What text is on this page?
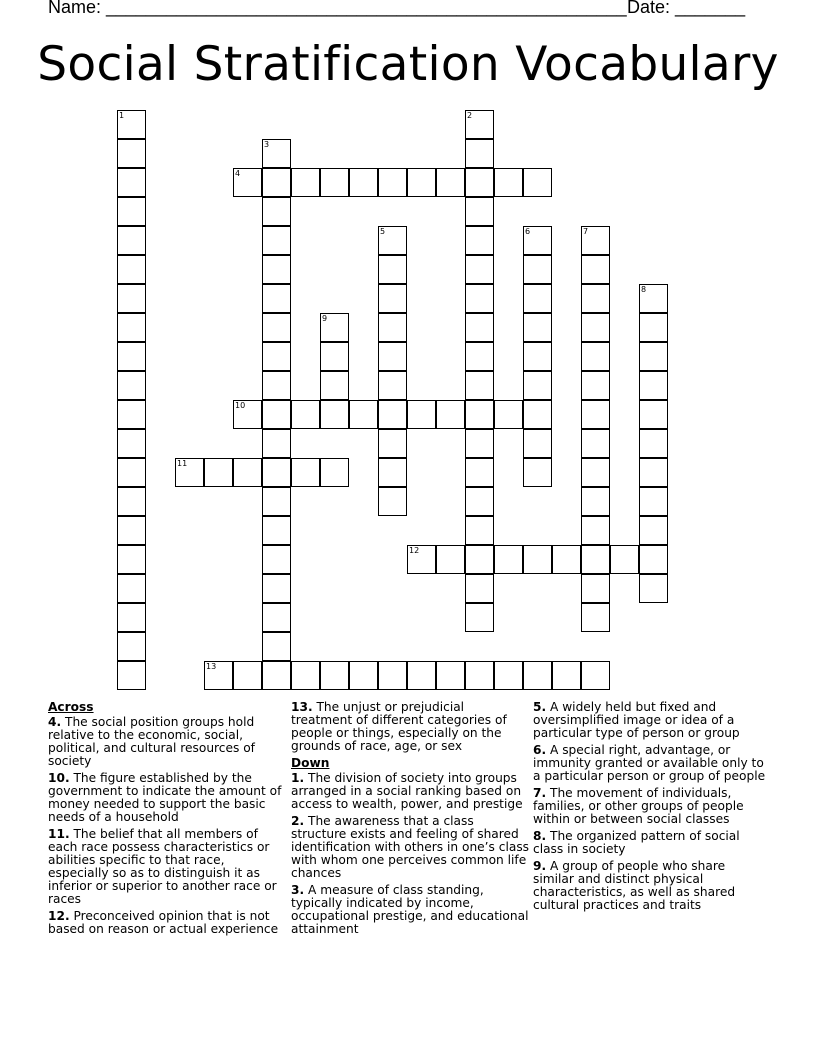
Name: ____________________________________________________ Date: _______
Social Stratification Vocabulary
1	2
3
4
5	6	7
8
9
10
11
12
13
Across
4. The social position groups hold relative to the economic, social, political, and cultural resources of society
10. The figure established by the government to indicate the amount of money needed to support the basic needs of a household
11. The belief that all members of each race possess characteristics or abilities specific to that race, especially so as to distinguish it as inferior or superior to another race or races
12. Preconceived opinion that is not based on reason or actual experience
13. The unjust or prejudicial treatment of different categories of people or things, especially on the grounds of race, age, or sex
Down
1. The division of society into groups arranged in a social ranking based on access to wealth, power, and prestige
2. The awareness that a class structure exists and feeling of shared identification with others in one’s class with whom one perceives common life chances
3. A measure of class standing, typically indicated by income, occupational prestige, and educational attainment
5. A widely held but fixed and oversimplified image or idea of a particular type of person or group
6. A special right, advantage, or immunity granted or available only to a particular person or group of people
7. The movement of individuals, families, or other groups of people within or between social classes
8. The organized pattern of social class in society
9. A group of people who share similar and distinct physical characteristics, as well as shared cultural practices and traits
